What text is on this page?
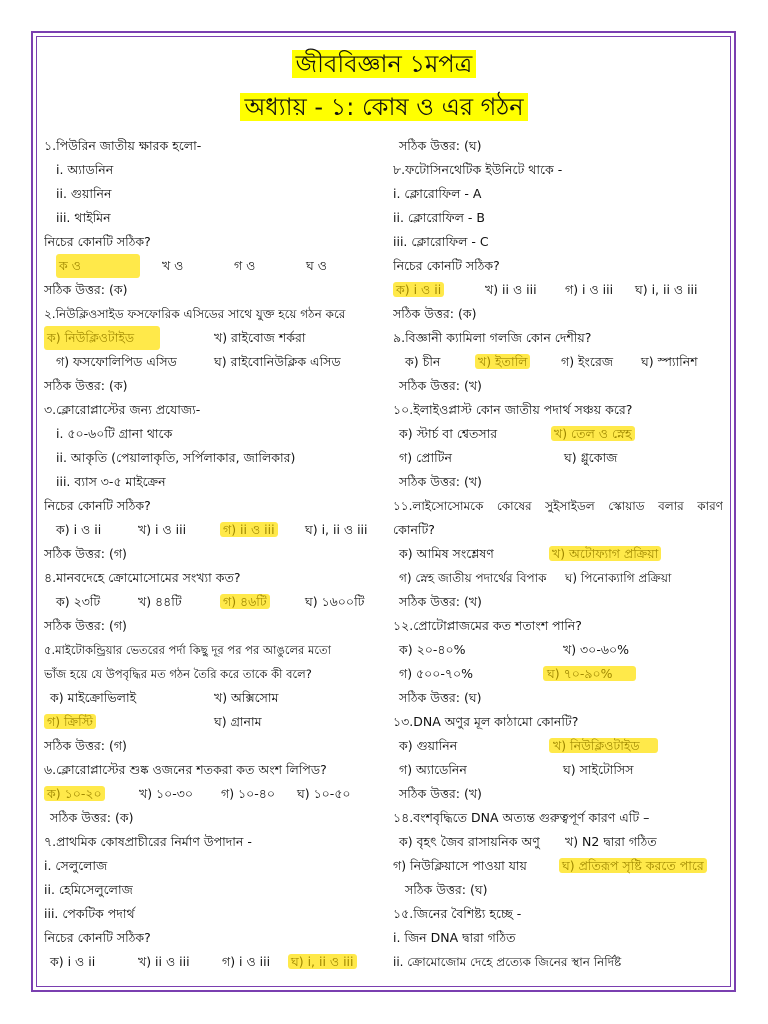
জীববিজ্ঞান ১মপত্র
অধ্যায় - ১: কোষ ও এর গঠন
১.পিউরিন জাতীয় ক্ষারক হলো-
i. অ্যাডনিন
ii. গুয়ানিন
iii. থাইমিন
নিচের কোনটি সঠিক?
ক ও	খ ও	গ ও	ঘ ও
সঠিক উত্তর: (ক)
২.নিউক্লিওসাইড ফসফোরিক এসিডের সাথে যুক্ত হয়ে গঠন করে
ক) নিউক্লিওটাইড	খ) রাইবোজ শর্করা
গ) ফসফোলিপিড এসিড	ঘ) রাইবোনিউক্লিক এসিড
সঠিক উত্তর: (ক)
৩.ক্লোরোপ্লাস্টের জন্য প্রযোজ্য-
i. ৫০-৬০টি গ্রানা থাকে
ii. আকৃতি (পেয়ালাকৃতি, সর্পিলাকার, জালিকার)
iii. ব্যাস ৩-৫ মাইক্রেন
নিচের কোনটি সঠিক?
ক) i ও ii	খ) i ও iii	গ) ii ও iii	ঘ) i, ii ও iii
সঠিক উত্তর: (গ)
৪.মানবদেহে ক্রোমোসোমের সংখ্যা কত?
ক) ২৩টি	খ) ৪৪টি	গ) ৪৬টি	ঘ) ১৬০০টি
সঠিক উত্তর: (গ)
৫.মাইটোকন্ড্রিয়ার ভেতরের পর্দা কিছু দূর পর পর আঙুলের মতো
ভাঁজ হয়ে যে উপবৃদ্ধির মত গঠন তৈরি করে তাকে কী বলে?
ক) মাইক্রোভিলাই	খ) অক্সিসোম
গ) ক্রিস্টি	ঘ) গ্রানাম
সঠিক উত্তর: (গ)
৬.ক্লোরোপ্লাস্টের শুষ্ক ওজনের শতকরা কত অংশ লিপিড?
ক) ১০-২০	খ) ১০-৩০	গ) ১০-৪০	ঘ) ১০-৫০
সঠিক উত্তর: (ক)
৭.প্রাথমিক কোষপ্রাচীরের নির্মাণ উপাদান -
i. সেলুলোজ
ii. হেমিসেলুলোজ
iii. পেকটিক পদার্থ
নিচের কোনটি সঠিক?
ক) i ও ii	খ) ii ও iii	গ) i ও iii	ঘ) i, ii ও iii
সঠিক উত্তর: (ঘ)
৮.ফটোসিনথেটিক ইউনিটে থাকে -
i. ক্লোরোফিল - A
ii. ক্লোরোফিল - B
iii. ক্লোরোফিল - C
নিচের কোনটি সঠিক?
ক) i ও ii	খ) ii ও iii	গ) i ও iii	ঘ) i, ii ও iii
সঠিক উত্তর: (ক)
৯.বিজ্ঞানী ক্যামিলা গলজি কোন দেশীয়?
ক) চীন	খ) ইতালি	গ) ইংরেজ	ঘ) স্প্যানিশ
সঠিক উত্তর: (খ)
১০.ইলাইওপ্লাস্ট কোন জাতীয় পদার্থ সঞ্চয় করে?
ক) স্টার্চ বা শ্বেতসার	খ) তেল ও স্নেহ
গ) প্রোটিন	ঘ) গ্লুকোজ
সঠিক উত্তর: (খ)
১১.লাইসোসোমকে কোষের সুইসাইডল স্কোয়াড বলার কারণ
কোনটি?
ক) আমিষ সংশ্লেষণ	খ) অটোফ্যাগ প্রক্রিয়া
গ) স্নেহ জাতীয় পদার্থের বিপাক	ঘ) পিনোক্যাগি প্রক্রিয়া
সঠিক উত্তর: (খ)
১২.প্রোটোপ্লাজমের কত শতাংশ পানি?
ক) ২০-৪০%	খ) ৩০-৬০%
গ) ৫০০-৭০%	ঘ) ৭০-৯০%
সঠিক উত্তর: (ঘ)
১৩.DNA অণুর মূল কাঠামো কোনটি?
ক) গুয়ানিন	খ) নিউক্লিওটাইড
গ) অ্যাডেনিন	ঘ) সাইটোসিস
সঠিক উত্তর: (খ)
১৪.বংশবৃদ্ধিতে DNA অত্যন্ত গুরুত্বপূর্ণ কারণ এটি –
ক) বৃহৎ জৈব রাসায়নিক অণু	খ) N2 দ্বারা গঠিত
গ) নিউক্লিয়াসে পাওয়া যায়	ঘ) প্রতিরূপ সৃষ্টি করতে পারে
সঠিক উত্তর: (ঘ)
১৫.জিনের বৈশিষ্ট্য হচ্ছে -
i. জিন DNA দ্বারা গঠিত
ii. ক্রোমোজোম দেহে প্রত্যেক জিনের স্থান নির্দিষ্ট
